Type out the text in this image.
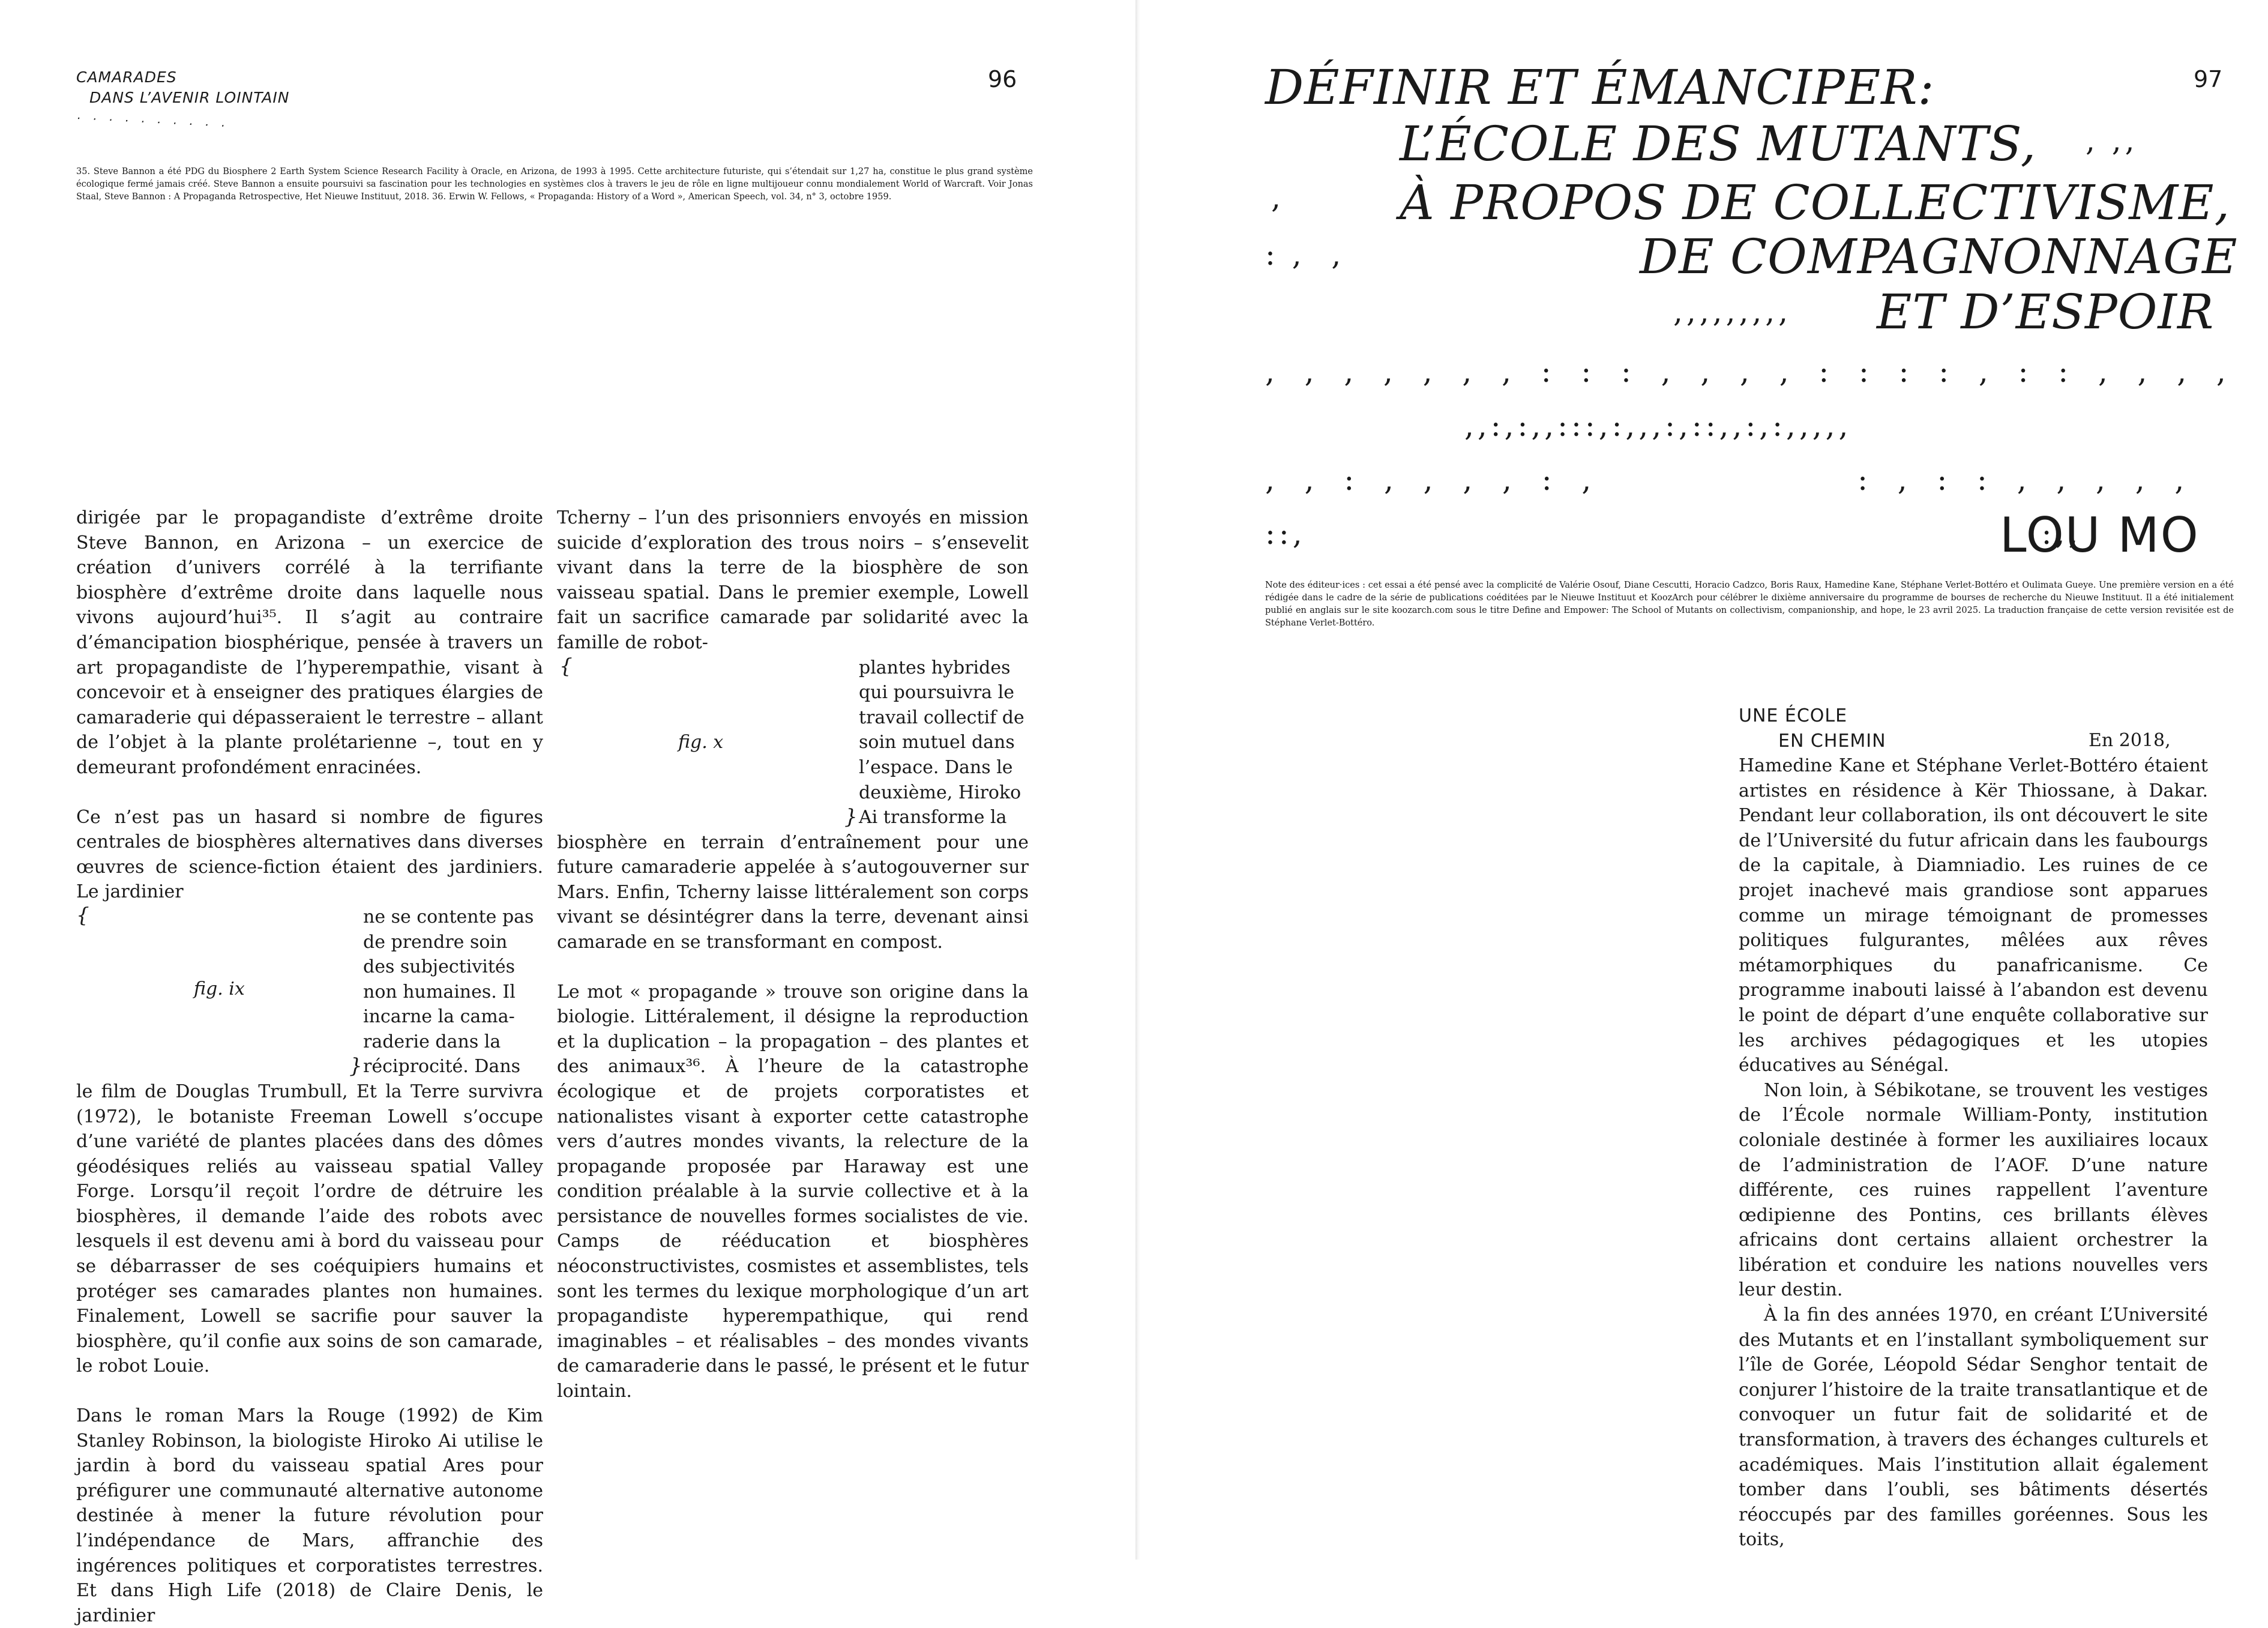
CAMARADES
DANS L’AVENIR LOINTAIN
. . . . . . . . . .
96
35. Steve Bannon a été PDG du Biosphere 2 Earth System Science Research Facility à Oracle, en Arizona, de 1993 à 1995. Cette architecture futuriste, qui s’étendait sur 1,27 ha, constitue le plus grand système écologique fermé jamais créé. Steve Bannon a ensuite poursuivi sa fascination pour les technologies en systèmes clos à travers le jeu de rôle en ligne multijoueur connu mondialement World of Warcraft. Voir Jonas Staal, Steve Bannon : A Propaganda Retrospective, Het Nieuwe Instituut, 2018. 36. Erwin W. Fellows, « Propaganda: History of a Word », American Speech, vol. 34, n° 3, octobre 1959.

dirigée par le propagandiste d’extrême droite Steve Bannon, en Arizona – un exercice de création d’univers corrélé à la terrifiante biosphère d’extrême droite dans laquelle nous vivons aujourd’hui³⁵. Il s’agit au contraire d’émancipation biosphérique, pensée à travers un art propagandiste de l’hyperempathie, visant à concevoir et à enseigner des pratiques élargies de camaraderie qui dépasseraient le terrestre – allant de l’objet à la plante prolétarienne –, tout en y demeurant profondément enracinées.

Ce n’est pas un hasard si nombre de figures centrales de biosphères alternatives dans diverses œuvres de science-fiction étaient des jardiniers. Le jardinier

{
fig. ix
}
ne se contente pas
de prendre soin
des subjectivités
non humaines. Il
incarne la cama-
raderie dans la
réciprocité. Dans

le film de Douglas Trumbull, Et la Terre survivra (1972), le botaniste Freeman Lowell s’occupe d’une variété de plantes placées dans des dômes géodésiques reliés au vaisseau spatial Valley Forge. Lorsqu’il reçoit l’ordre de détruire les biosphères, il demande l’aide des robots avec lesquels il est devenu ami à bord du vaisseau pour se débarrasser de ses coéquipiers humains et protéger ses camarades plantes non humaines. Finalement, Lowell se sacrifie pour sauver la biosphère, qu’il confie aux soins de son camarade, le robot Louie.

Dans le roman Mars la Rouge (1992) de Kim Stanley Robinson, la biologiste Hiroko Ai utilise le jardin à bord du vaisseau spatial Ares pour préfigurer une communauté alternative autonome destinée à mener la future révolution pour l’indépendance de Mars, affranchie des ingérences politiques et corporatistes terrestres. Et dans High Life (2018) de Claire Denis, le jardinier

Tcherny – l’un des prisonniers envoyés en mission suicide d’exploration des trous noirs – s’ensevelit vivant dans la terre de la biosphère de son vaisseau spatial. Dans le premier exemple, Lowell fait un sacrifice camarade par solidarité avec la famille de robot-

{
fig. x
}
plantes hybrides
qui poursuivra le
travail collectif de
soin mutuel dans
l’espace. Dans le
deuxième, Hiroko
Ai transforme la

biosphère en terrain d’entraînement pour une future camaraderie appelée à s’autogouverner sur Mars. Enfin, Tcherny laisse littéralement son corps vivant se désintégrer dans la terre, devenant ainsi camarade en se transformant en compost.

Le mot « propagande » trouve son origine dans la biologie. Littéralement, il désigne la reproduction et la duplication – la propagation – des plantes et des animaux³⁶. À l’heure de la catastrophe écologique et de projets corporatistes et nationalistes visant à exporter cette catastrophe vers d’autres mondes vivants, la relecture de la propagande proposée par Haraway est une condition préalable à la survie collective et à la persistance de nouvelles formes socialistes de vie. Camps de rééducation et biosphères néoconstructivistes, cosmistes et assemblistes, tels sont les termes du lexique morphologique d’un art propagandiste hyperempathique, qui rend imaginables – et réalisables – des mondes vivants de camaraderie dans le passé, le présent et le futur lointain.

97
DÉFINIR ET ÉMANCIPER:
L’ÉCOLE DES MUTANTS, , ,,
, À PROPOS DE COLLECTIVISME,
: ,  ,	DE COMPAGNONNAGE
,,,,,,,,, ET D’ESPOIR
,  ,  ,  ,  ,  ,  ,  :  :  :  ,  ,  ,  ,  :  :  :  :  ,  :  :  ,  ,  ,  ,
,,:,:,,:::,:,,,:,::,,:,:,,,,,
,  ,  :  ,  ,  ,  ,  :  ,                    :  ,  :  :  ,  ,  ,  ,  ,
::,                                                        :,,
LOU MO
Note des éditeur·ices : cet essai a été pensé avec la complicité de Valérie Osouf, Diane Cescutti, Horacio Cadzco, Boris Raux, Hamedine Kane, Stéphane Verlet-Bottéro et Oulimata Gueye. Une première version en a été rédigée dans le cadre de la série de publications coéditées par le Nieuwe Instituut et KoozArch pour célébrer le dixième anniversaire du programme de bourses de recherche du Nieuwe Instituut. Il a été initialement publié en anglais sur le site koozarch.com sous le titre Define and Empower: The School of Mutants on collectivism, companionship, and hope, le 23 avril 2025. La traduction française de cette version revisitée est de Stéphane Verlet-Bottéro.
UNE ÉCOLE
EN CHEMIN	En 2018,

Hamedine Kane et Stéphane Verlet-Bottéro étaient artistes en résidence à Kër Thiossane, à Dakar. Pendant leur collaboration, ils ont découvert le site de l’Université du futur africain dans les faubourgs de la capitale, à Diamniadio. Les ruines de ce projet inachevé mais grandiose sont apparues comme un mirage témoignant de promesses politiques fulgurantes, mêlées aux rêves métamorphiques du panafricanisme. Ce programme inabouti laissé à l’abandon est devenu le point de départ d’une enquête collaborative sur les archives pédagogiques et les utopies éducatives au Sénégal.

Non loin, à Sébikotane, se trouvent les vestiges de l’École normale William-Ponty, institution coloniale destinée à former les auxiliaires locaux de l’administration de l’AOF. D’une nature différente, ces ruines rappellent l’aventure œdipienne des Pontins, ces brillants élèves africains dont certains allaient orchestrer la libération et conduire les nations nouvelles vers leur destin.

À la fin des années 1970, en créant L’Université des Mutants et en l’installant symboliquement sur l’île de Gorée, Léopold Sédar Senghor tentait de conjurer l’histoire de la traite transatlantique et de convoquer un futur fait de solidarité et de transformation, à travers des échanges culturels et académiques. Mais l’institution allait également tomber dans l’oubli, ses bâtiments désertés réoccupés par des familles goréennes. Sous les toits,
